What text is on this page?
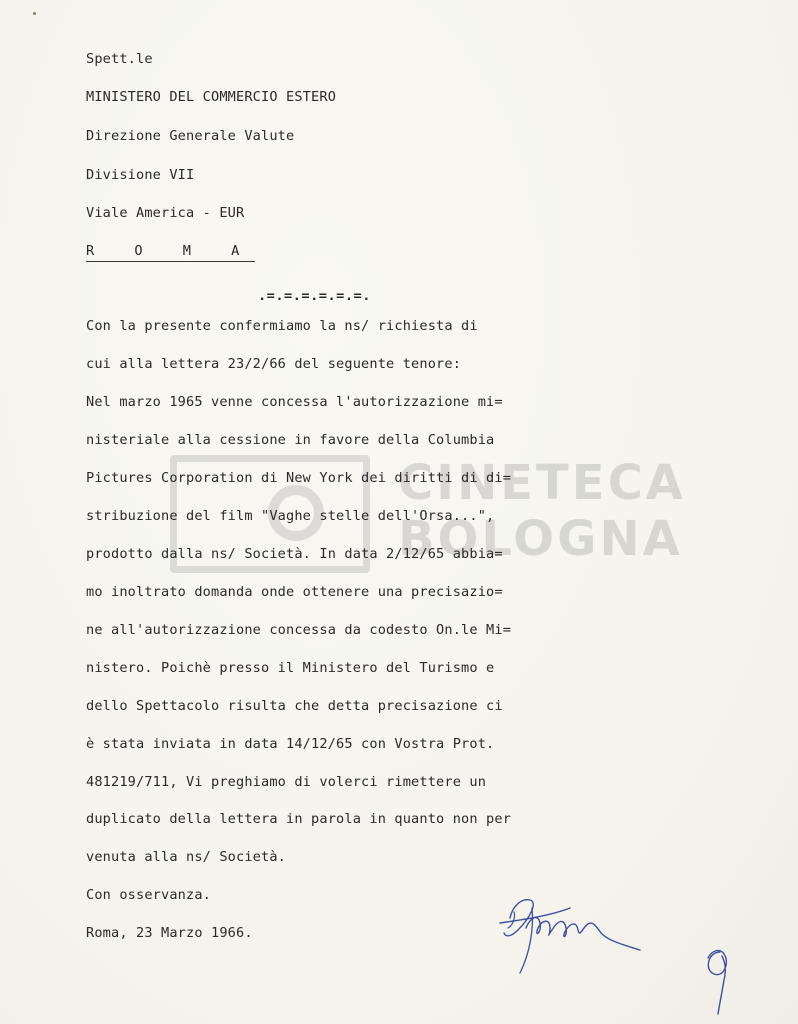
Spett.le
MINISTERO DEL COMMERCIO ESTERO
Direzione Generale Valute
Divisione VII
Viale America - EUR
R O M A
.=.=.=.=.=.=.
CINETECA
BOLOGNA
Con la presente confermiamo la ns/ richiesta di
cui alla lettera 23/2/66 del seguente tenore:
Nel marzo 1965 venne concessa l'autorizzazione mi=
nisteriale alla cessione in favore della Columbia
Pictures Corporation di New York dei diritti di di=
stribuzione del film "Vaghe stelle dell'Orsa...",
prodotto dalla ns/ Società. In data 2/12/65 abbia=
mo inoltrato domanda onde ottenere una precisazio=
ne all'autorizzazione concessa da codesto On.le Mi=
nistero. Poichè presso il Ministero del Turismo e
dello Spettacolo risulta che detta precisazione ci
è stata inviata in data 14/12/65 con Vostra Prot.
481219/711, Vi preghiamo di volerci rimettere un
duplicato della lettera in parola in quanto non per
venuta alla ns/ Società.
Con osservanza.
Roma, 23 Marzo 1966.
